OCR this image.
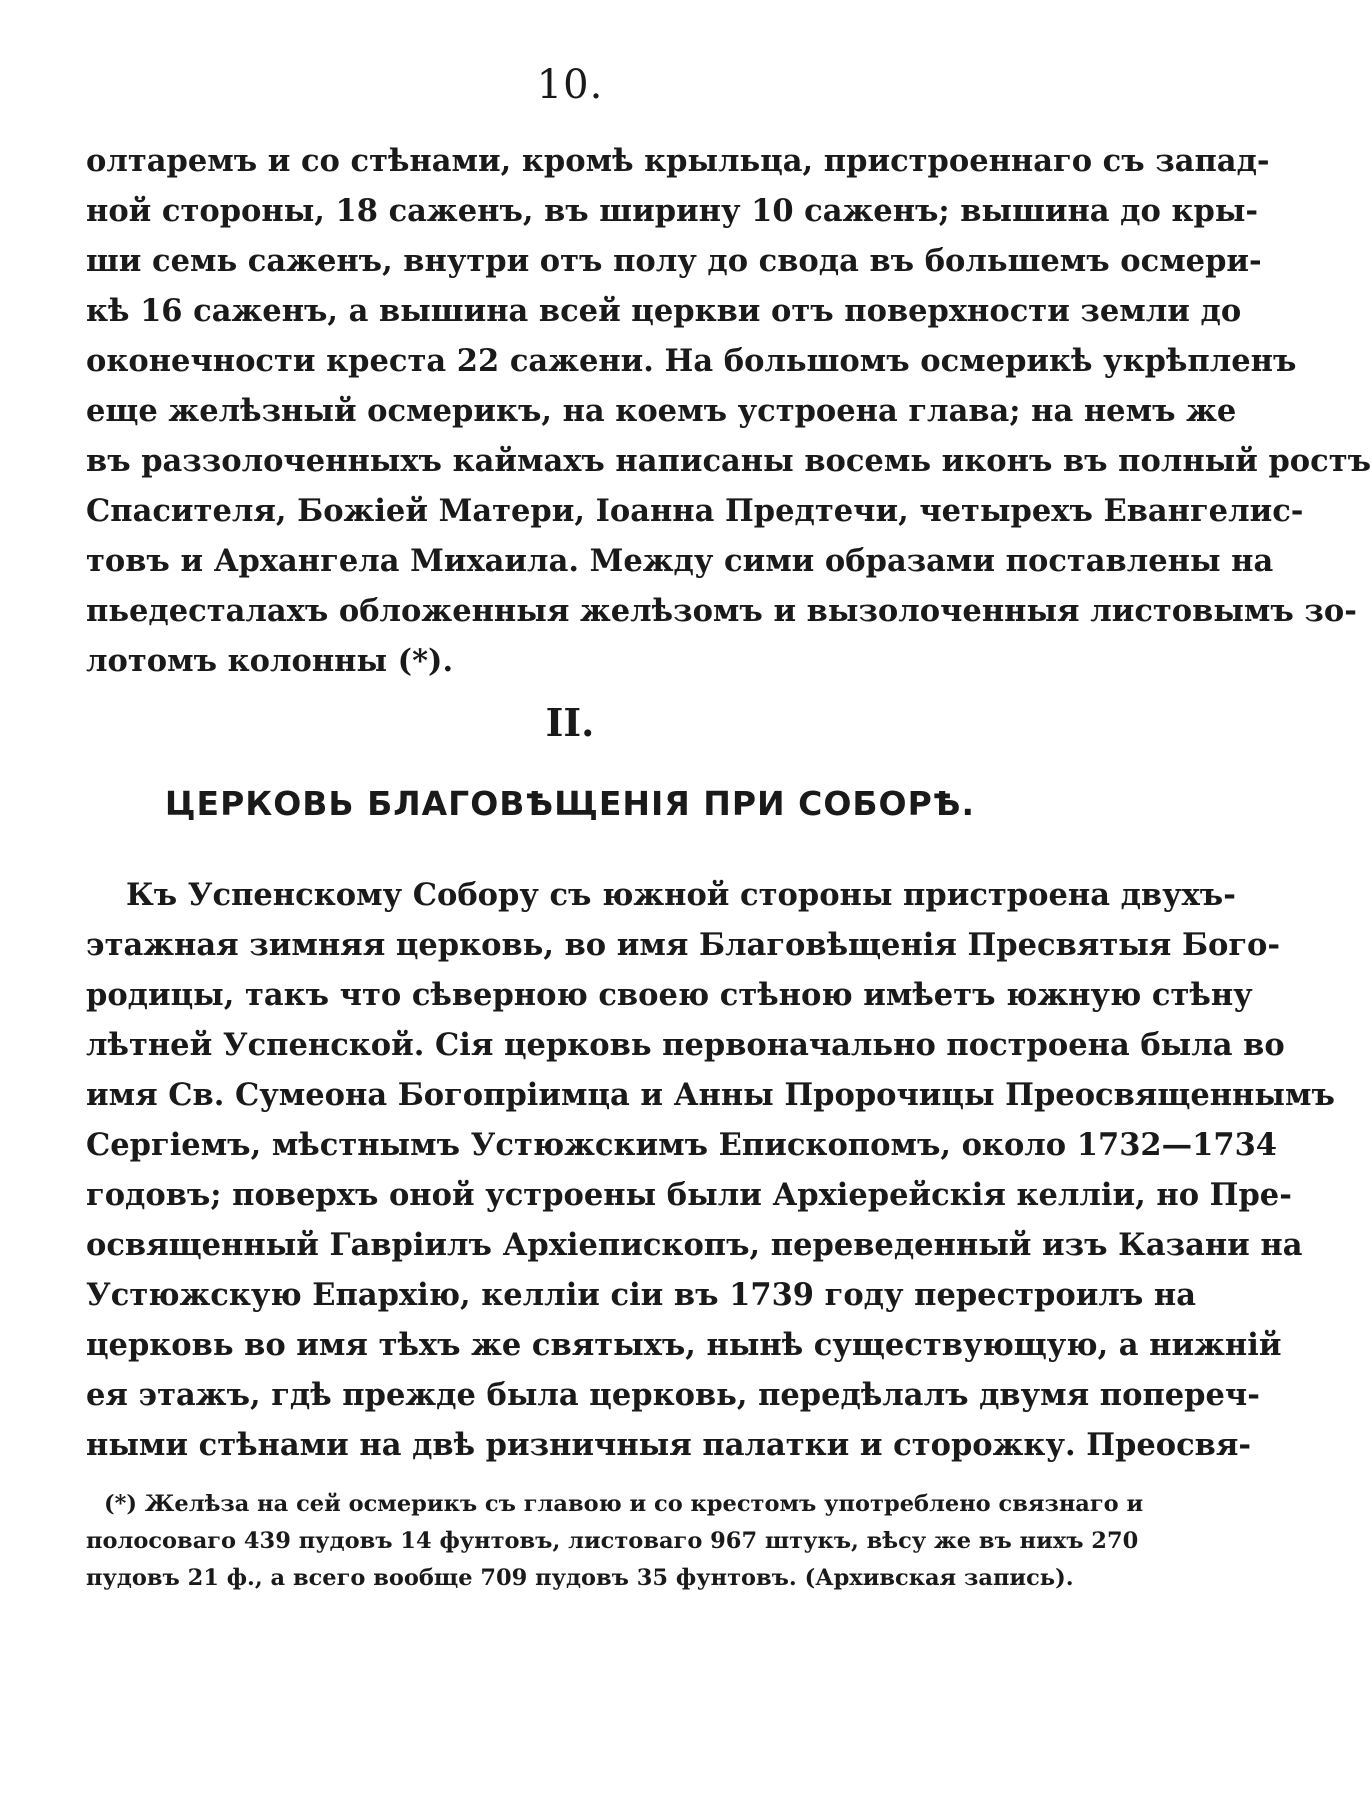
10.
олтаремъ и со стѣнами, кромѣ крыльца, пристроеннаго съ запад-
ной стороны, 18 саженъ, въ ширину 10 саженъ; вышина до кры-
ши семь саженъ, внутри отъ полу до свода въ большемъ осмери-
кѣ 16 саженъ, а вышина всей церкви отъ поверхности земли до
оконечности креста 22 сажени. На большомъ осмерикѣ укрѣпленъ
еще желѣзный осмерикъ, на коемъ устроена глава; на немъ же
въ раззолоченныхъ каймахъ написаны восемь иконъ въ полный ростъ
Спасителя, Божіей Матери, Іоанна Предтечи, четырехъ Евангелис-
товъ и Архангела Михаила. Между сими образами поставлены на
пьедесталахъ обложенныя желѣзомъ и вызолоченныя листовымъ зо-
лотомъ колонны (*).
II.
ЦЕРКОВЬ БЛАГОВѢЩЕНІЯ ПРИ СОБОРѢ.
Къ Успенскому Собору съ южной стороны пристроена двухъ-
этажная зимняя церковь, во имя Благовѣщенія Пресвятыя Бого-
родицы, такъ что сѣверною своею стѣною имѣетъ южную стѣну
лѣтней Успенской. Сія церковь первоначально построена была во
имя Св. Сумеона Богопріимца и Анны Пророчицы Преосвященнымъ
Сергіемъ, мѣстнымъ Устюжскимъ Епископомъ, около 1732—1734
годовъ; поверхъ оной устроены были Архіерейскія келліи, но Пре-
освященный Гавріилъ Архіепископъ, переведенный изъ Казани на
Устюжскую Епархію, келліи сіи въ 1739 году перестроилъ на
церковь во имя тѣхъ же святыхъ, нынѣ существующую, а нижній
ея этажъ, гдѣ прежде была церковь, передѣлалъ двумя попереч-
ными стѣнами на двѣ ризничныя палатки и сторожку. Преосвя-
(*) Желѣза на сей осмерикъ съ главою и со крестомъ употреблено связнаго и
полосоваго 439 пудовъ 14 фунтовъ, листоваго 967 штукъ, вѣсу же въ нихъ 270
пудовъ 21 ф., а всего вообще 709 пудовъ 35 фунтовъ. (Архивская запись).
